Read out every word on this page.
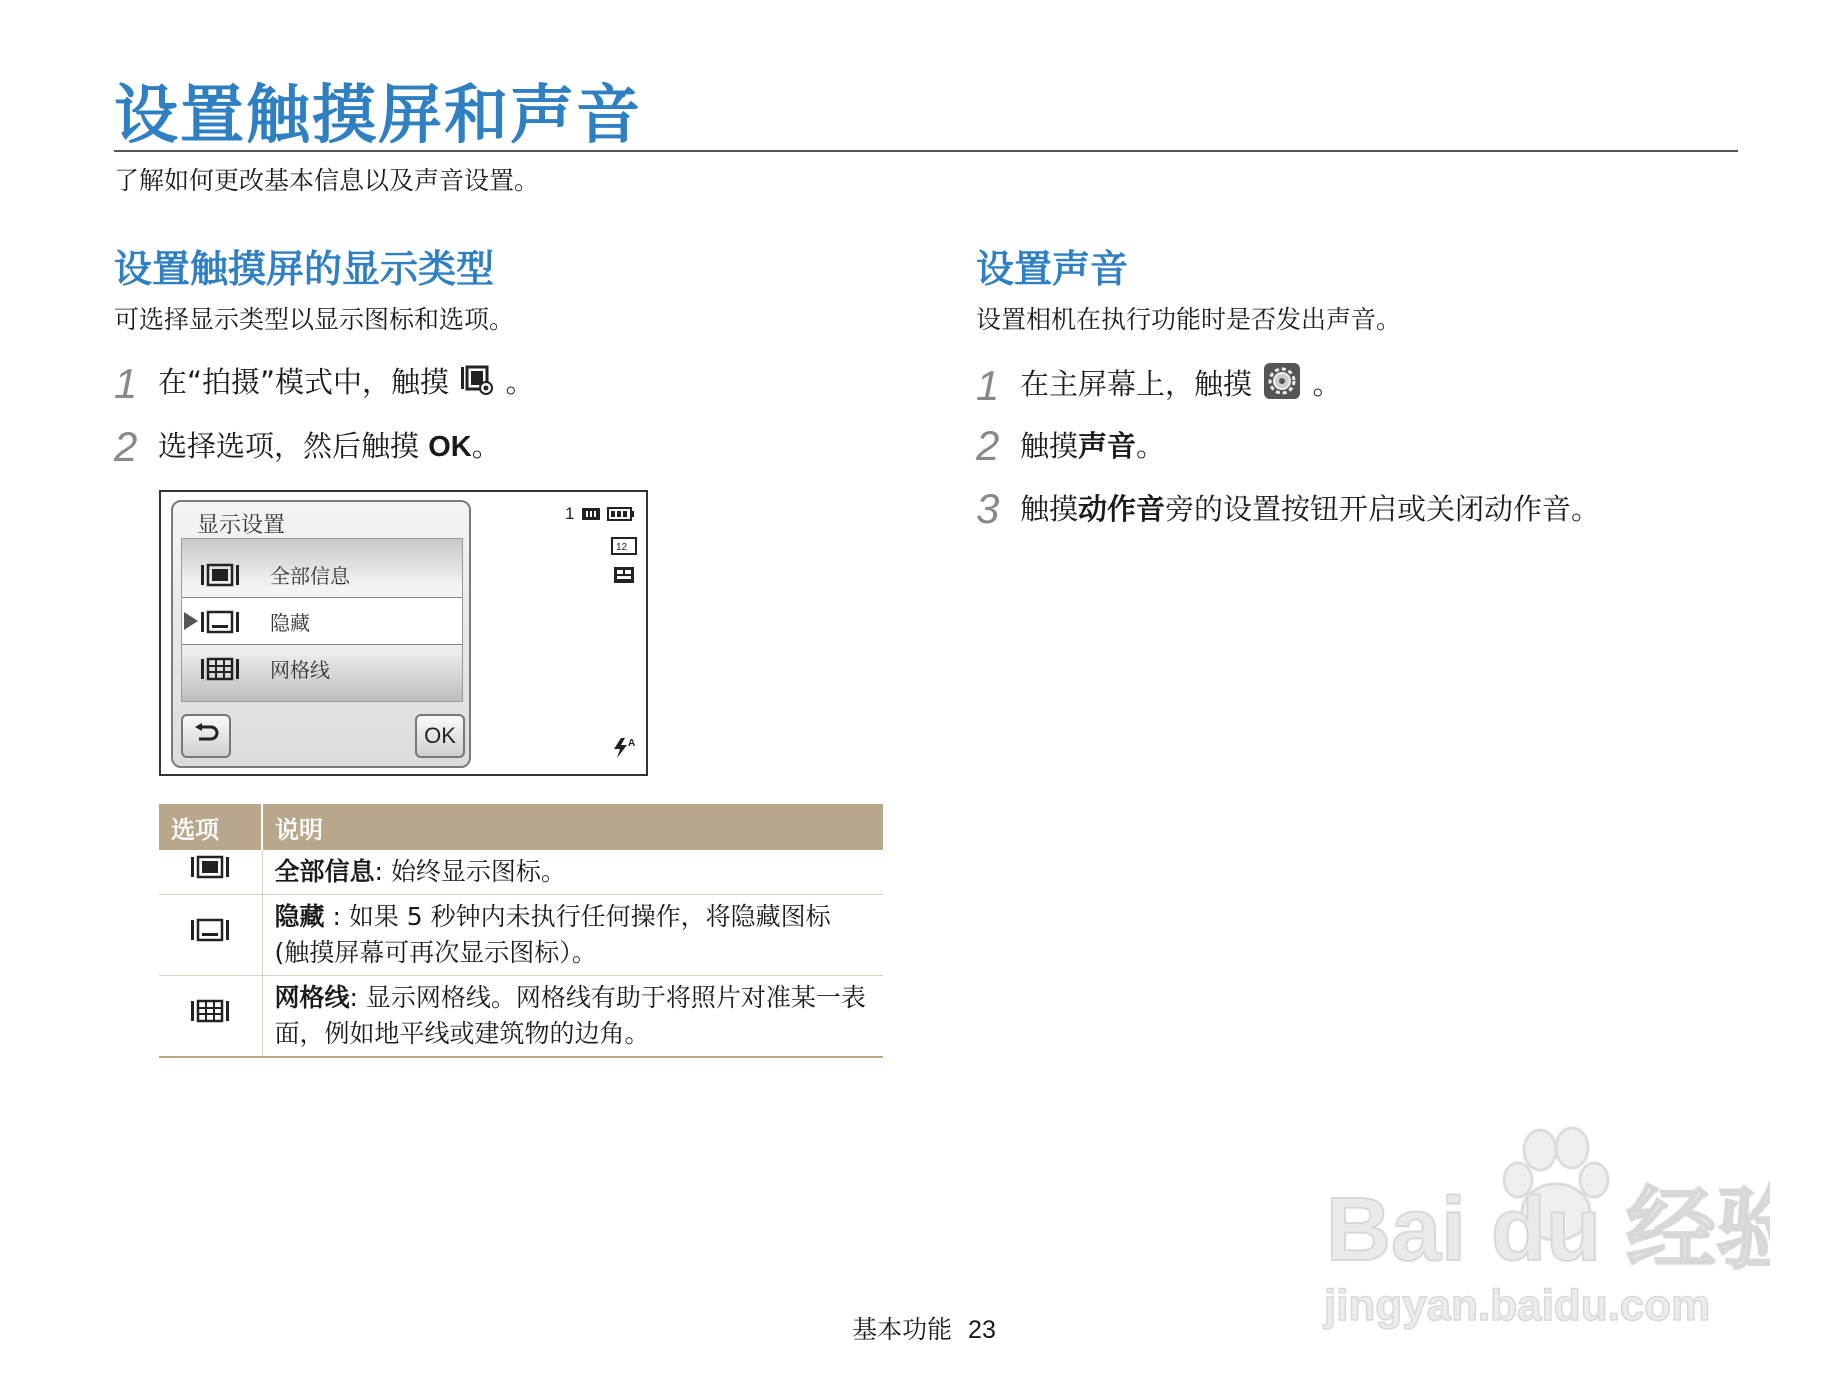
设置触摸屏和声音
了解如何更改基本信息以及声音设置。
设置触摸屏的显示类型
可选择显示类型以显示图标和选项。
1 在“拍摄”模式中，触摸  。
2 选择选项，然后触摸 OK。
显示设置
全部信息
隐藏
网格线
OK
1
12
A
选项	说明
	全部信息: 始终显示图标。
	隐藏 : 如果 5 秒钟内未执行任何操作，将隐藏图标 (触摸屏幕可再次显示图标）。
	网格线: 显示网格线。网格线有助于将照片对准某一表面，例如地平线或建筑物的边角。
设置声音
设置相机在执行功能时是否发出声音。
1 在主屏幕上，触摸  。
2 触摸声音。
3 触摸动作音旁的设置按钮开启或关闭动作音。
Bai du 经验
jingyan.baidu.com
基本功能 23
